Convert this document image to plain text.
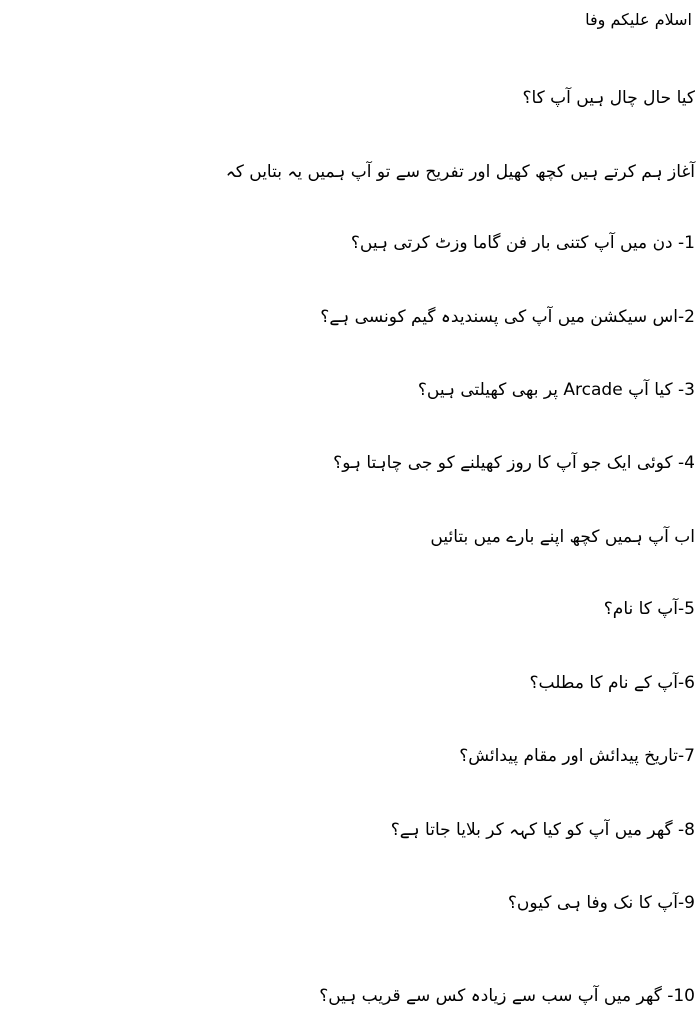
اسلام علیکم وفا
کیا حال چال ہیں آپ کا؟
آغاز ہم کرتے ہیں کچھ کھیل اور تفریح سے تو آپ ہمیں یہ بتایں کہ
1- دن میں آپ کتنی بار فن گاما وزٹ کرتی ہیں؟
2-اس سیکشن میں آپ کی پسندیدہ گیم کونسی ہے؟
3- کیا آپ Arcade پر بھی کھیلتی ہیں؟
4- کوئی ایک جو آپ کا روز کھیلنے کو جی چاہتا ہو؟
اب آپ ہمیں کچھ اپنے بارے میں بتائیں
5-آپ کا نام؟
6-آپ کے نام کا مطلب؟
7-تاریخ پیدائش اور مقام پیدائش؟
8- گھر میں آپ کو کیا کہہ کر بلایا جاتا ہے؟
9-آپ کا نک وفا ہی کیوں؟
10- گھر میں آپ سب سے زیادہ کس سے قریب ہیں؟
